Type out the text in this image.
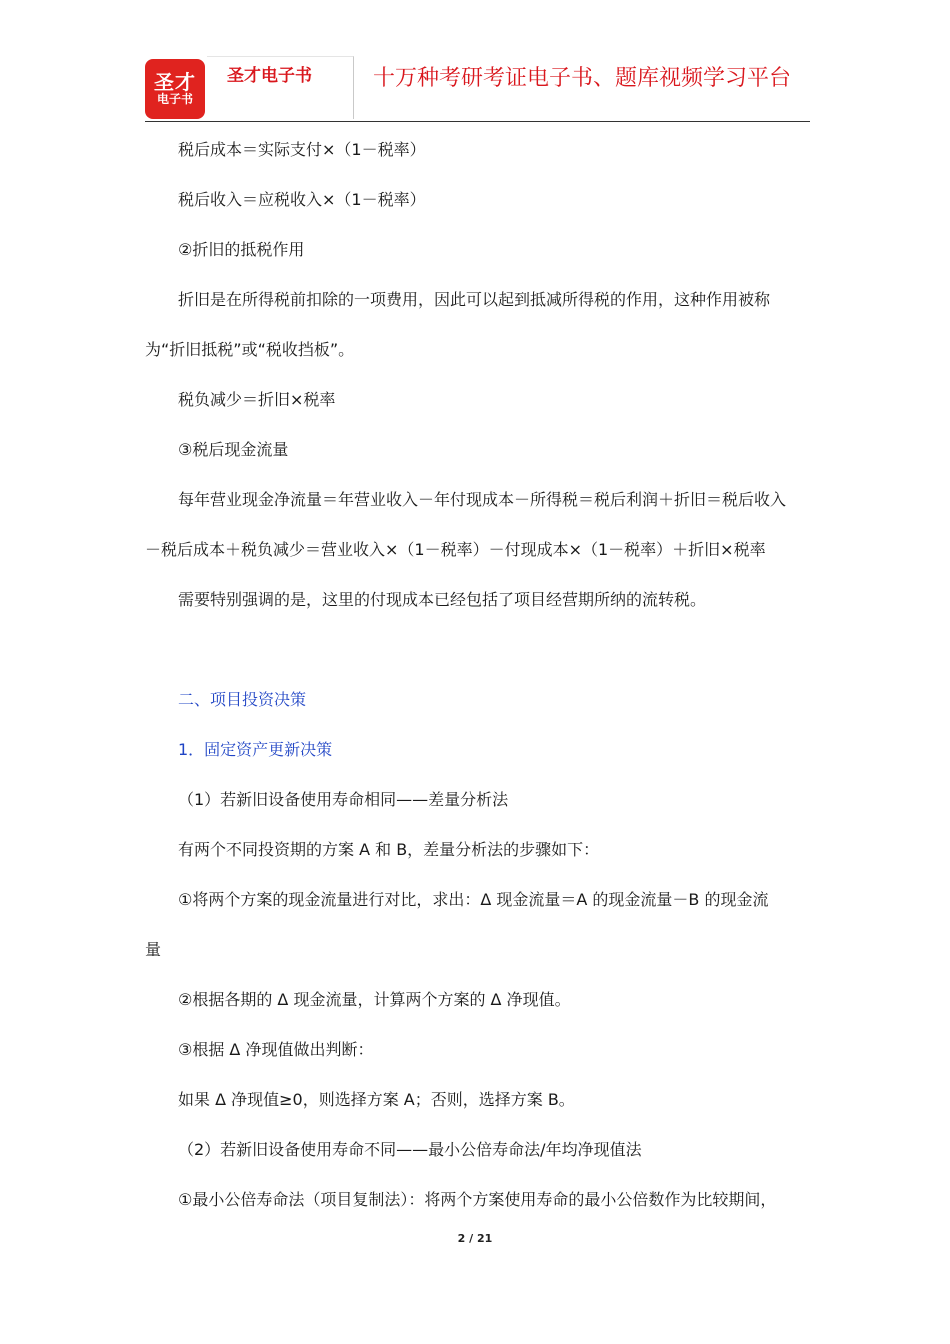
圣才
电子书
圣才电子书	十万种考研考证电子书、题库视频学习平台

税后成本＝实际支付×（1－税率）

税后收入＝应税收入×（1－税率）

②折旧的抵税作用

折旧是在所得税前扣除的一项费用，因此可以起到抵减所得税的作用，这种作用被称

为“折旧抵税”或“税收挡板”。

税负减少＝折旧×税率

③税后现金流量

每年营业现金净流量＝年营业收入－年付现成本－所得税＝税后利润＋折旧＝税后收入

－税后成本＋税负减少＝营业收入×（1－税率）－付现成本×（1－税率）＋折旧×税率

需要特别强调的是，这里的付现成本已经包括了项目经营期所纳的流转税。

二、项目投资决策

1．固定资产更新决策

（1）若新旧设备使用寿命相同——差量分析法

有两个不同投资期的方案 A 和 B，差量分析法的步骤如下：

①将两个方案的现金流量进行对比，求出：Δ 现金流量＝A 的现金流量－B 的现金流

量

②根据各期的 Δ 现金流量，计算两个方案的 Δ 净现值。

③根据 Δ 净现值做出判断：

如果 Δ 净现值≥0，则选择方案 A；否则，选择方案 B。

（2）若新旧设备使用寿命不同——最小公倍寿命法/年均净现值法

①最小公倍寿命法（项目复制法）：将两个方案使用寿命的最小公倍数作为比较期间，

2 / 21
